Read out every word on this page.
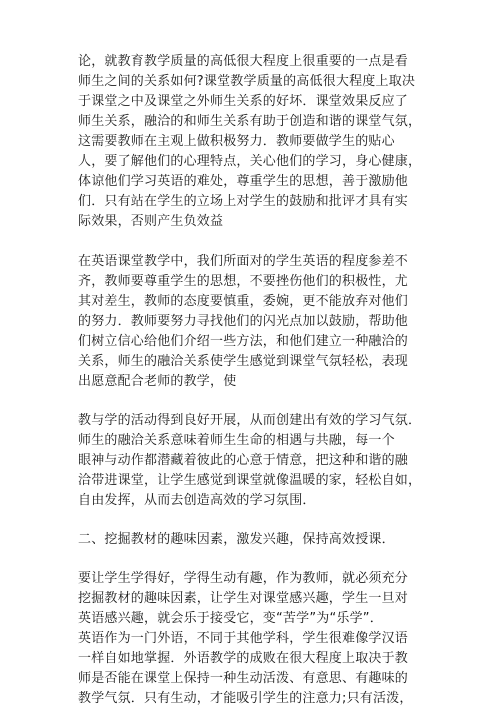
论，就教育教学质量的高低很大程度上很重要的一点是看
师生之间的关系如何?课堂教学质量的高低很大程度上取决
于课堂之中及课堂之外师生关系的好坏．课堂效果反应了
师生关系，融洽的和师生关系有助于创造和谐的课堂气氛，
这需要教师在主观上做积极努力．教师要做学生的贴心
人，要了解他们的心理特点，关心他们的学习，身心健康，
体谅他们学习英语的难处，尊重学生的思想，善于激励他
们．只有站在学生的立场上对学生的鼓励和批评才具有实
际效果，否则产生负效益

在英语课堂教学中，我们所面对的学生英语的程度参差不
齐，教师要尊重学生的思想，不要挫伤他们的积极性，尤
其对差生，教师的态度要慎重，委婉，更不能放弃对他们
的努力．教师要努力寻找他们的闪光点加以鼓励，帮助他
们树立信心给他们介绍一些方法，和他们建立一种融洽的
关系，师生的融洽关系使学生感觉到课堂气氛轻松，表现
出愿意配合老师的教学，使

教与学的活动得到良好开展，从而创建出有效的学习气氛．
师生的融洽关系意味着师生生命的相遇与共融，每一个
眼神与动作都潜藏着彼此的心意于情意，把这种和谐的融
洽带进课堂，让学生感觉到课堂就像温暖的家，轻松自如，
自由发挥，从而去创造高效的学习氛围．

二、挖掘教材的趣味因素，激发兴趣，保持高效授课．

要让学生学得好，学得生动有趣，作为教师，就必须充分
挖掘教材的趣味因素，让学生对课堂感兴趣，学生一旦对
英语感兴趣，就会乐于接受它，变“苦学”为“乐学”．
英语作为一门外语，不同于其他学科，学生很难像学汉语
一样自如地掌握．外语教学的成败在很大程度上取决于教
师是否能在课堂上保持一种生动活泼、有意思、有趣味的
教学气氛．只有生动，才能吸引学生的注意力;只有活泼，
